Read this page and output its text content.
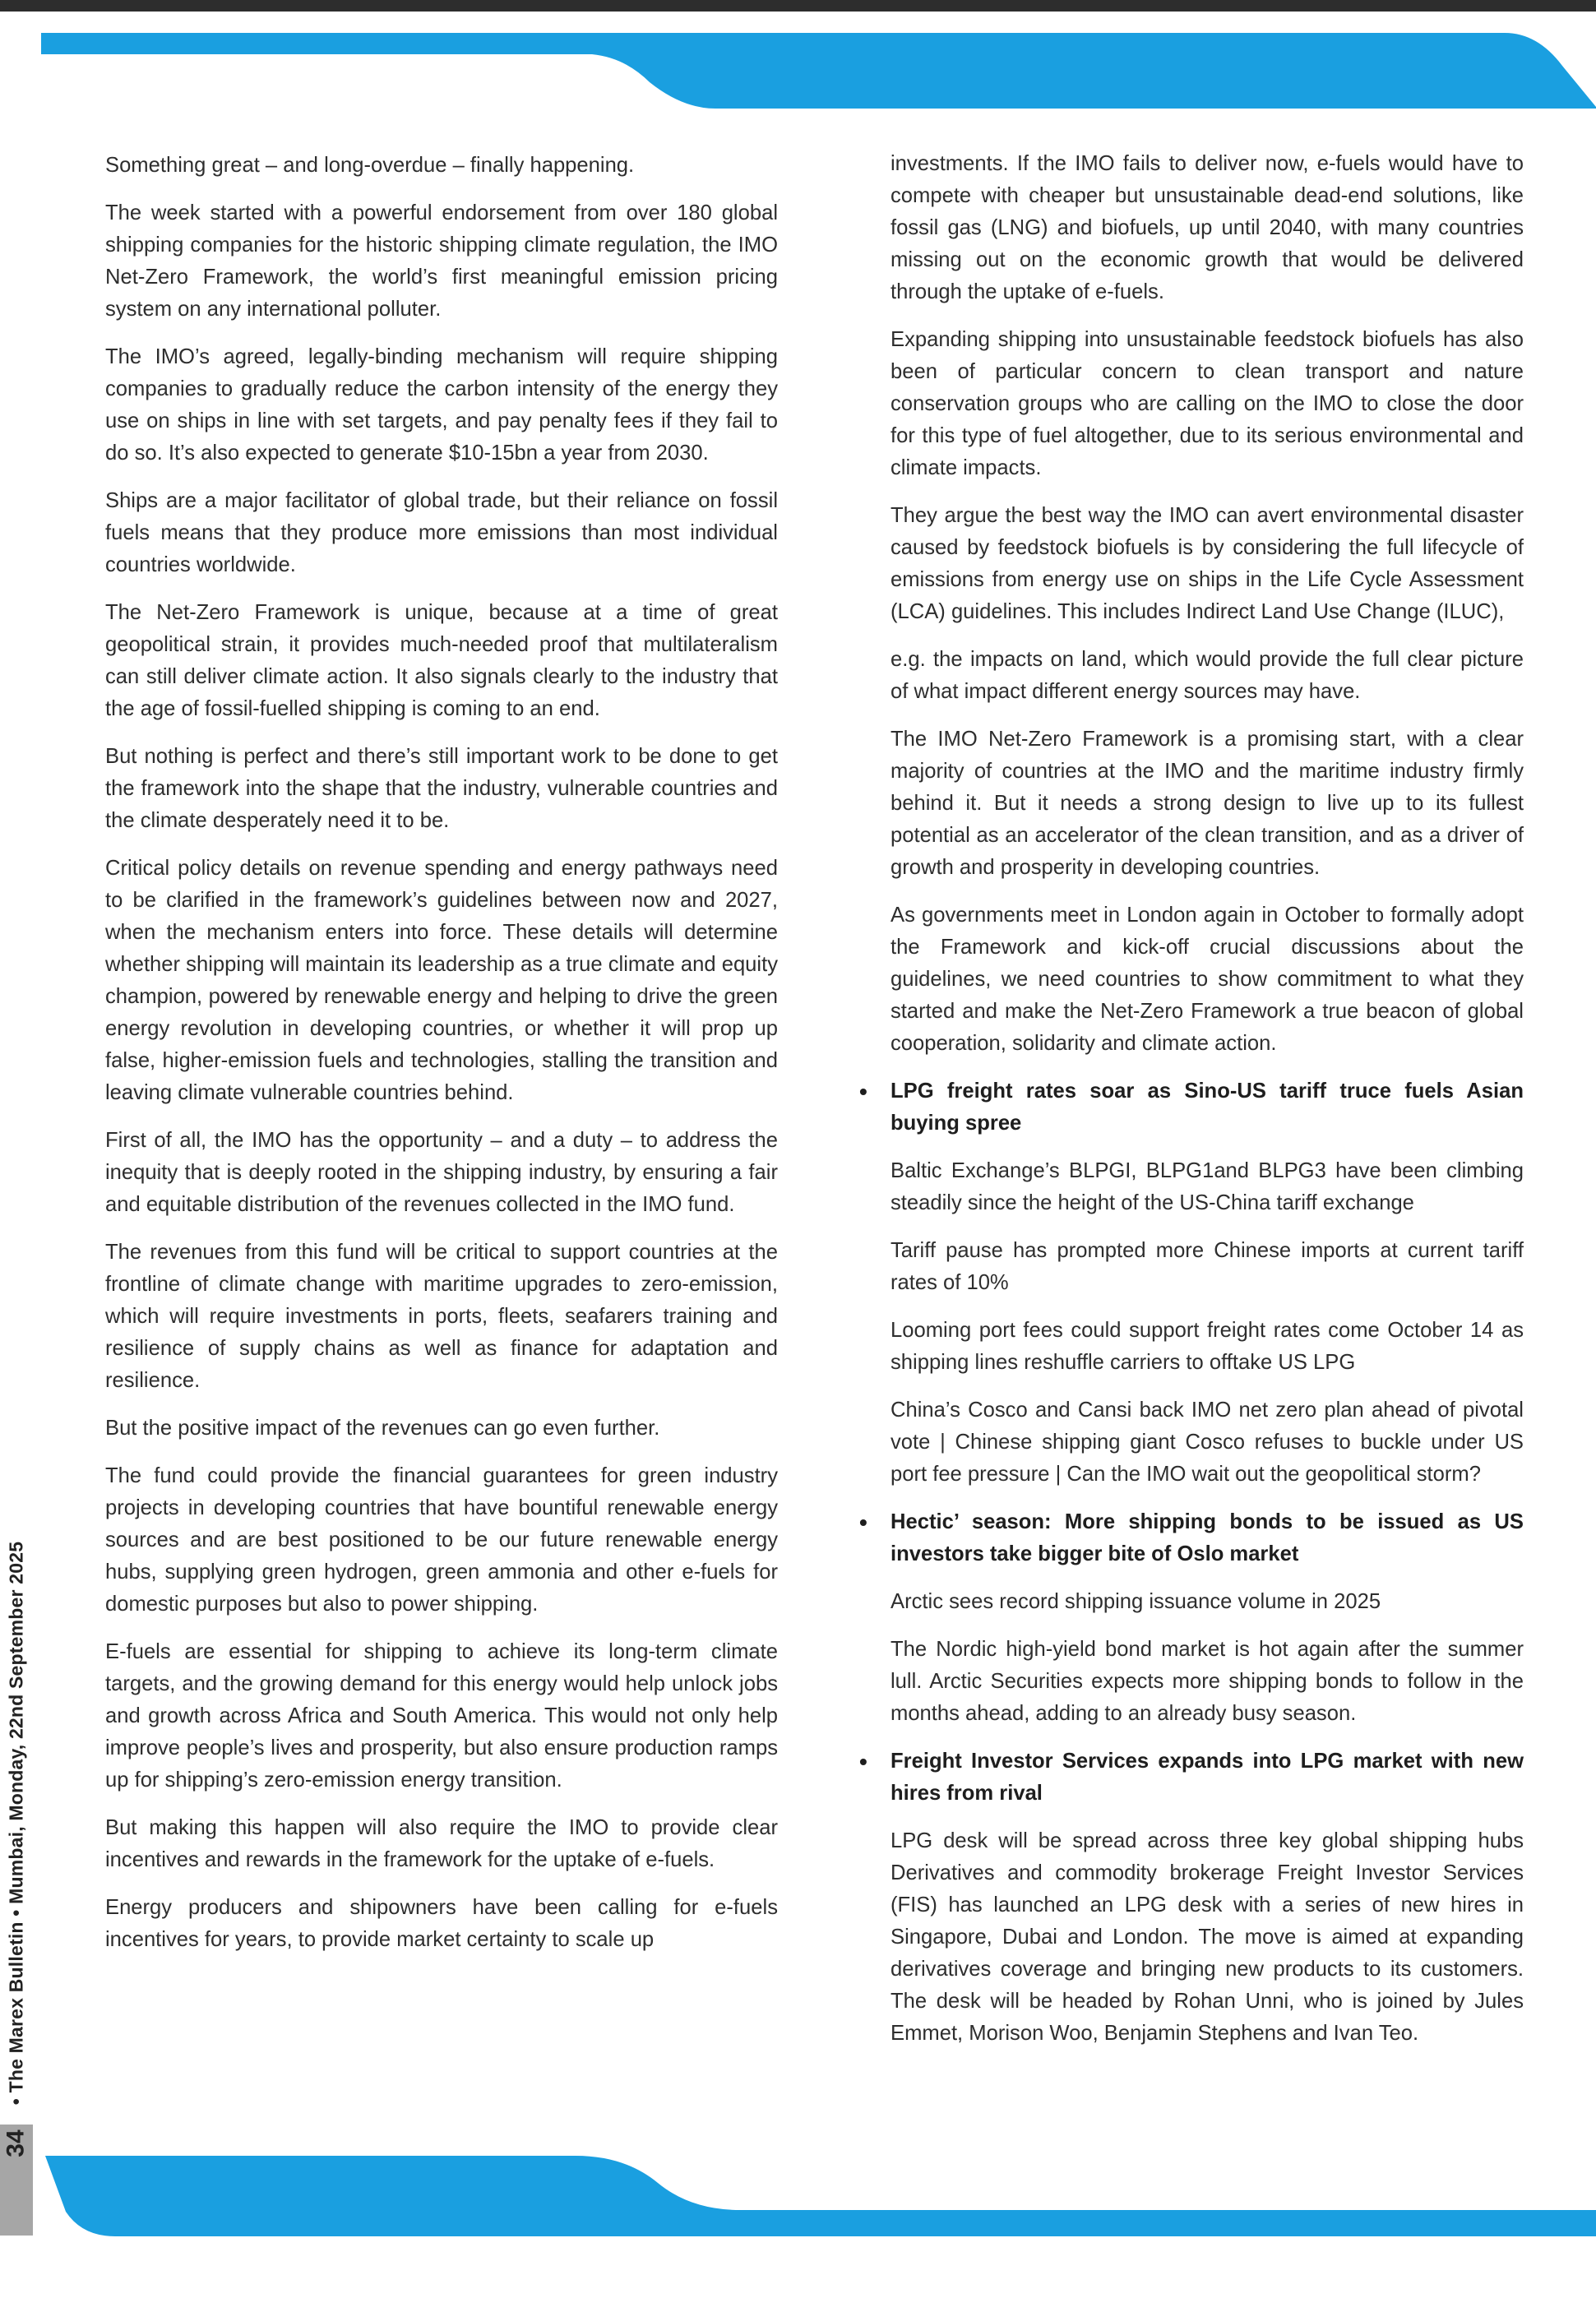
• The Marex Bulletin • Mumbai, Monday, 22nd September 2025
34

Something great – and long-overdue – finally happening.

The week started with a powerful endorsement from over 180 global shipping companies for the historic shipping climate regulation, the IMO Net-Zero Framework, the world’s first meaningful emission pricing system on any international polluter.

The IMO’s agreed, legally-binding mechanism will require shipping companies to gradually reduce the carbon intensity of the energy they use on ships in line with set targets, and pay penalty fees if they fail to do so. It’s also expected to generate $10-15bn a year from 2030.

Ships are a major facilitator of global trade, but their reliance on fossil fuels means that they produce more emissions than most individual countries worldwide.

The Net-Zero Framework is unique, because at a time of great geopolitical strain, it provides much-needed proof that multilateralism can still deliver climate action. It also signals clearly to the industry that the age of fossil-fuelled shipping is coming to an end.

But nothing is perfect and there’s still important work to be done to get the framework into the shape that the industry, vulnerable countries and the climate desperately need it to be.

Critical policy details on revenue spending and energy pathways need to be clarified in the framework’s guidelines between now and 2027, when the mechanism enters into force. These details will determine whether shipping will maintain its leadership as a true climate and equity champion, powered by renewable energy and helping to drive the green energy revolution in developing countries, or whether it will prop up false, higher-emission fuels and technologies, stalling the transition and leaving climate vulnerable countries behind.

First of all, the IMO has the opportunity – and a duty – to address the inequity that is deeply rooted in the shipping industry, by ensuring a fair and equitable distribution of the revenues collected in the IMO fund.

The revenues from this fund will be critical to support countries at the frontline of climate change with maritime upgrades to zero-emission, which will require investments in ports, fleets, seafarers training and resilience of supply chains as well as finance for adaptation and resilience.

But the positive impact of the revenues can go even further.

The fund could provide the financial guarantees for green industry projects in developing countries that have bountiful renewable energy sources and are best positioned to be our future renewable energy hubs, supplying green hydrogen, green ammonia and other e-fuels for domestic purposes but also to power shipping.

E-fuels are essential for shipping to achieve its long-term climate targets, and the growing demand for this energy would help unlock jobs and growth across Africa and South America. This would not only help improve people’s lives and prosperity, but also ensure production ramps up for shipping’s zero-emission energy transition.

But making this happen will also require the IMO to provide clear incentives and rewards in the framework for the uptake of e-fuels.

Energy producers and shipowners have been calling for e-fuels incentives for years, to provide market certainty to scale up

investments. If the IMO fails to deliver now, e-fuels would have to compete with cheaper but unsustainable dead-end solutions, like fossil gas (LNG) and biofuels, up until 2040, with many countries missing out on the economic growth that would be delivered through the uptake of e-fuels.

Expanding shipping into unsustainable feedstock biofuels has also been of particular concern to clean transport and nature conservation groups who are calling on the IMO to close the door for this type of fuel altogether, due to its serious environmental and climate impacts.

They argue the best way the IMO can avert environmental disaster caused by feedstock biofuels is by considering the full lifecycle of emissions from energy use on ships in the Life Cycle Assessment (LCA) guidelines. This includes Indirect Land Use Change (ILUC),

e.g. the impacts on land, which would provide the full clear picture of what impact different energy sources may have.

The IMO Net-Zero Framework is a promising start, with a clear majority of countries at the IMO and the maritime industry firmly behind it. But it needs a strong design to live up to its fullest potential as an accelerator of the clean transition, and as a driver of growth and prosperity in developing countries.

As governments meet in London again in October to formally adopt the Framework and kick-off crucial discussions about the guidelines, we need countries to show commitment to what they started and make the Net-Zero Framework a true beacon of global cooperation, solidarity and climate action.

• LPG freight rates soar as Sino-US tariff truce fuels Asian buying spree

Baltic Exchange’s BLPGI, BLPG1and BLPG3 have been climbing steadily since the height of the US-China tariff exchange

Tariff pause has prompted more Chinese imports at current tariff rates of 10%

Looming port fees could support freight rates come October 14 as shipping lines reshuffle carriers to offtake US LPG

China’s Cosco and Cansi back IMO net zero plan ahead of pivotal vote | Chinese shipping giant Cosco refuses to buckle under US port fee pressure | Can the IMO wait out the geopolitical storm?

• Hectic’ season: More shipping bonds to be issued as US investors take bigger bite of Oslo market

Arctic sees record shipping issuance volume in 2025

The Nordic high-yield bond market is hot again after the summer lull. Arctic Securities expects more shipping bonds to follow in the months ahead, adding to an already busy season.

• Freight Investor Services expands into LPG market with new hires from rival

LPG desk will be spread across three key global shipping hubs Derivatives and commodity brokerage Freight Investor Services (FIS) has launched an LPG desk with a series of new hires in Singapore, Dubai and London. The move is aimed at expanding derivatives coverage and bringing new products to its customers. The desk will be headed by Rohan Unni, who is joined by Jules Emmet, Morison Woo, Benjamin Stephens and Ivan Teo.
